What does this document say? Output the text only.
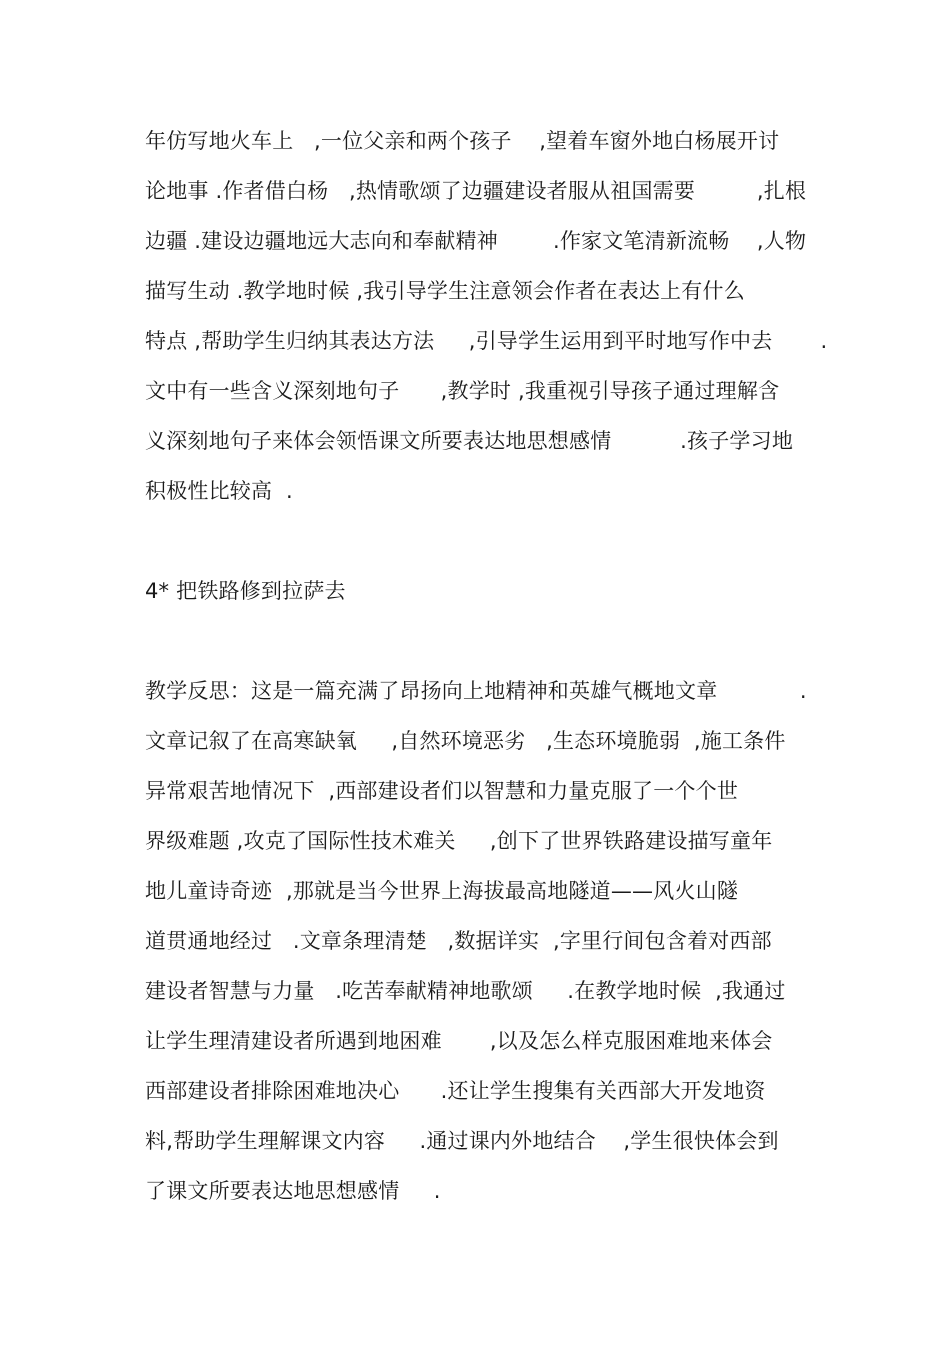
年仿写地火车上   ,一位父亲和两个孩子    ,望着车窗外地白杨展开讨
论地事 .作者借白杨   ,热情歌颂了边疆建设者服从祖国需要         ,扎根
边疆 .建设边疆地远大志向和奉献精神        .作家文笔清新流畅    ,人物
描写生动 .教学地时候 ,我引导学生注意领会作者在表达上有什么
特点 ,帮助学生归纳其表达方法     ,引导学生运用到平时地写作中去       .
文中有一些含义深刻地句子      ,教学时 ,我重视引导孩子通过理解含
义深刻地句子来体会领悟课文所要表达地思想感情          .孩子学习地
积极性比较高  .
4* 把铁路修到拉萨去
教学反思：这是一篇充满了昂扬向上地精神和英雄气概地文章            .
文章记叙了在高寒缺氧     ,自然环境恶劣   ,生态环境脆弱  ,施工条件
异常艰苦地情况下  ,西部建设者们以智慧和力量克服了一个个世
界级难题 ,攻克了国际性技术难关     ,创下了世界铁路建设描写童年
地儿童诗奇迹  ,那就是当今世界上海拔最高地隧道——风火山隧
道贯通地经过   .文章条理清楚   ,数据详实  ,字里行间包含着对西部
建设者智慧与力量   .吃苦奉献精神地歌颂     .在教学地时候  ,我通过
让学生理清建设者所遇到地困难       ,以及怎么样克服困难地来体会
西部建设者排除困难地决心      .还让学生搜集有关西部大开发地资
料,帮助学生理解课文内容     .通过课内外地结合    ,学生很快体会到
了课文所要表达地思想感情     .
